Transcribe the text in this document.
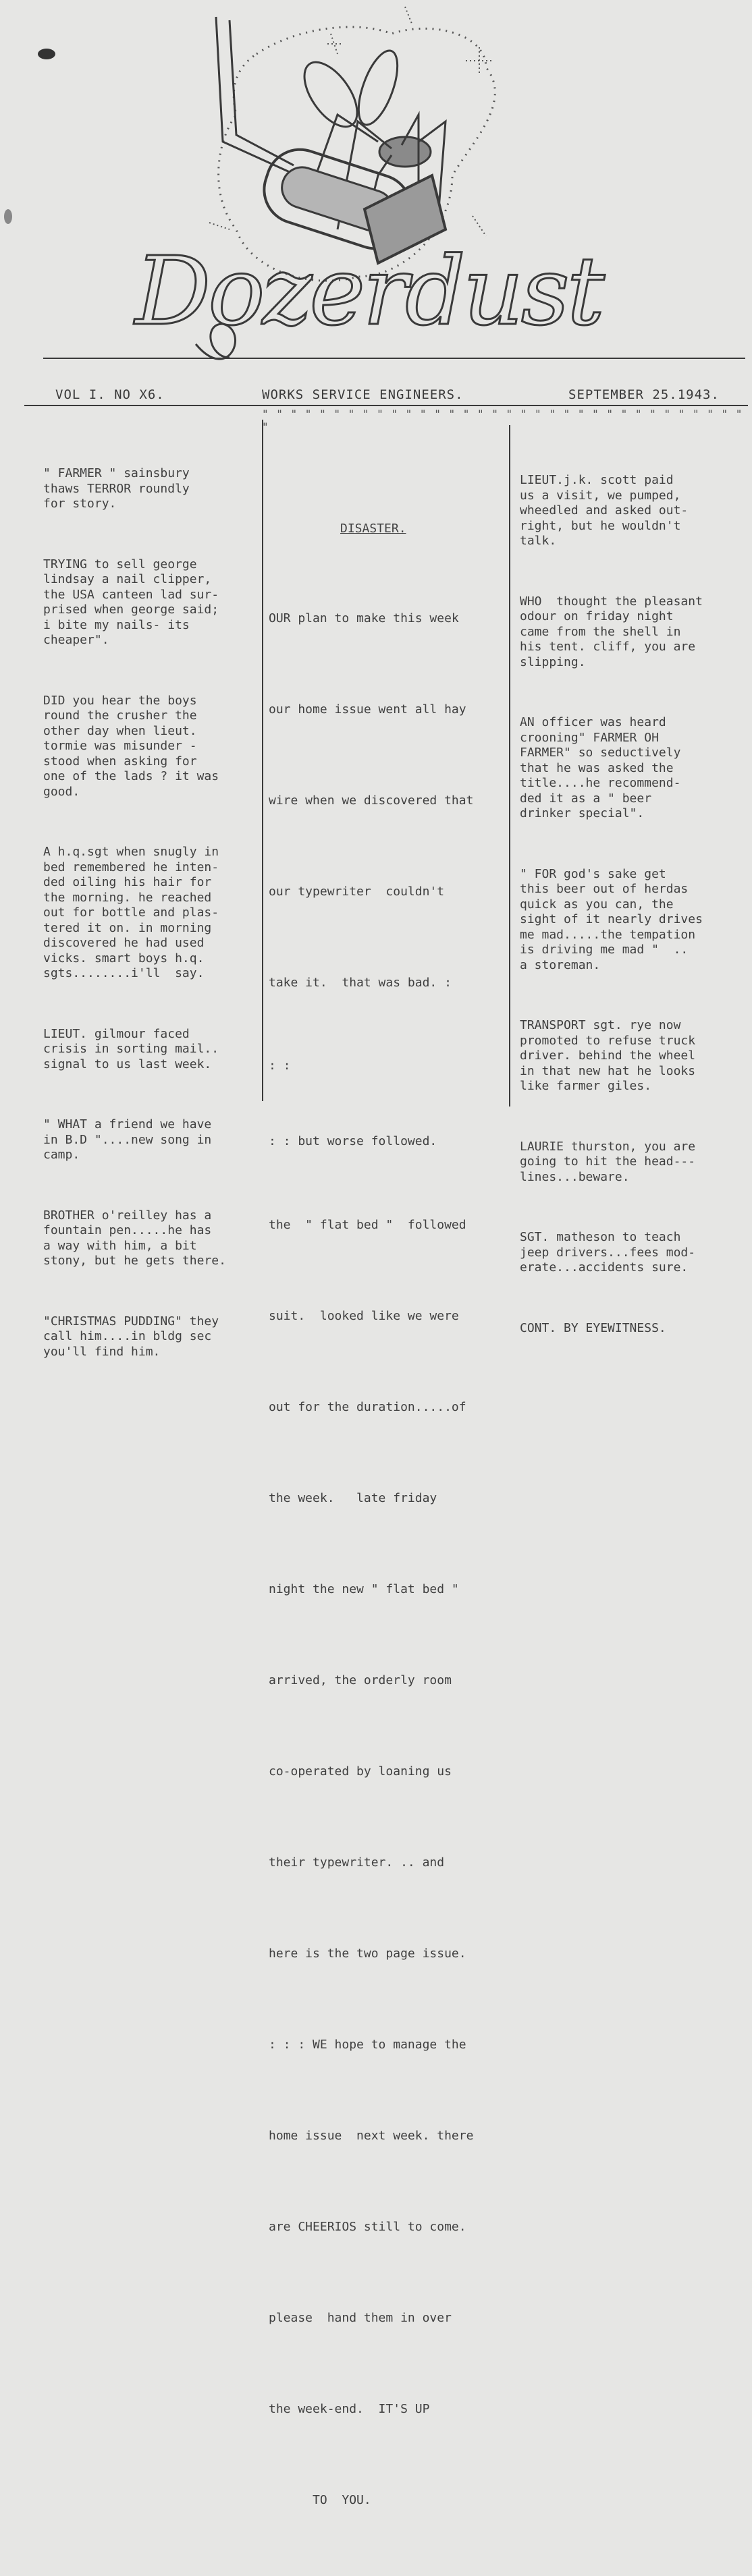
Dozerdust
VOL I. NO X6.	WORKS SERVICE ENGINEERS.	SEPTEMBER 25.1943.

" FARMER " sainsbury
thaws TERROR roundly
for story.

TRYING to sell george
lindsay a nail clipper,
the USA canteen lad sur-
prised when george said;
i bite my nails- its
cheaper".

DID you hear the boys
round the crusher the
other day when lieut.
tormie was misunder -
stood when asking for
one of the lads ? it was
good.

A h.q.sgt when snugly in
bed remembered he inten-
ded oiling his hair for
the morning. he reached
out for bottle and plas-
tered it on. in morning
discovered he had used
vicks. smart boys h.q.
sgts........i'll  say.

LIEUT. gilmour faced
crisis in sorting mail..
signal to us last week.

" WHAT a friend we have
in B.D "....new song in
camp.

BROTHER o'reilley has a
fountain pen.....he has
a way with him, a bit
stony, but he gets there.

"CHRISTMAS PUDDING" they
call him....in bldg sec
you'll find him.

" " " " " " " " " " " " " " " " " " " " " " " " " " " " " " " " " " "

DISASTER.

OUR plan to make this week

our home issue went all hay

wire when we discovered that

our typewriter  couldn't

take it.  that was bad. :

: :

: : but worse followed.

the  " flat bed "  followed

suit.  looked like we were

out for the duration.....of

the week.   late friday

night the new " flat bed "

arrived, the orderly room

co-operated by loaning us

their typewriter. .. and

here is the two page issue.

: : : WE hope to manage the

home issue  next week. there

are CHEERIOS still to come.

please  hand them in over

the week-end.  IT'S UP

TO  YOU.

LIEUT.j.k. scott paid
us a visit, we pumped,
wheedled and asked out-
right, but he wouldn't
talk.

WHO  thought the pleasant
odour on friday night
came from the shell in
his tent. cliff, you are
slipping.

AN officer was heard
crooning" FARMER OH
FARMER" so seductively
that he was asked the
title....he recommend-
ded it as a " beer
drinker special".

" FOR god's sake get
this beer out of herdas
quick as you can, the
sight of it nearly drives
me mad.....the tempation
is driving me mad "  ..
a storeman.

TRANSPORT sgt. rye now
promoted to refuse truck
driver. behind the wheel
in that new hat he looks
like farmer giles.

LAURIE thurston, you are
going to hit the head---
lines...beware.

SGT. matheson to teach
jeep drivers...fees mod-
erate...accidents sure.

CONT. BY EYEWITNESS.
